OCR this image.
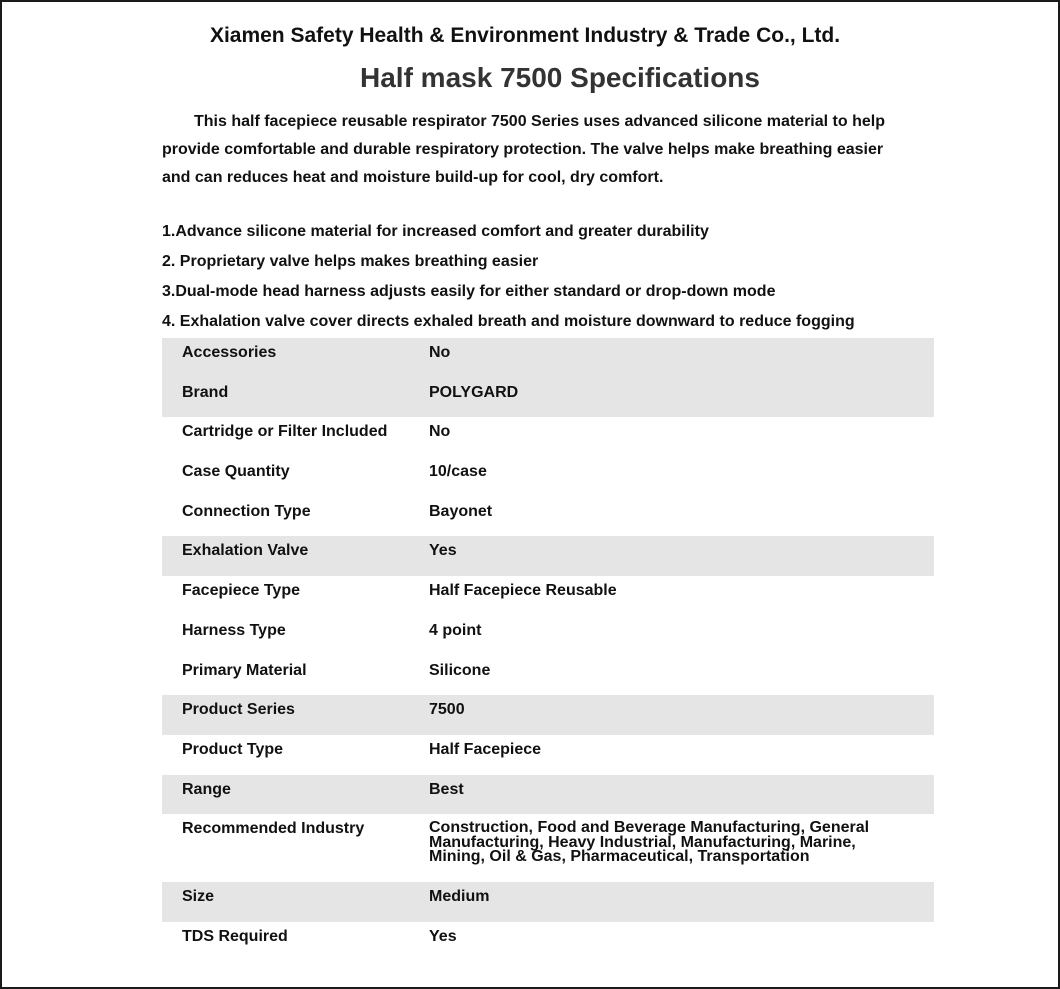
Xiamen Safety Health & Environment Industry & Trade Co., Ltd.
Half mask 7500 Specifications
This half facepiece reusable respirator 7500 Series uses advanced silicone material to help
provide comfortable and durable respiratory protection. The valve helps make breathing easier
and can reduces heat and moisture build-up for cool, dry comfort.
1.Advance silicone material for increased comfort and greater durability
2. Proprietary valve helps makes breathing easier
3.Dual-mode head harness adjusts easily for either standard or drop-down mode
4. Exhalation valve cover directs exhaled breath and moisture downward to reduce fogging
Accessories	No
Brand	POLYGARD
Cartridge or Filter Included	No
Case Quantity	10/case
Connection Type	Bayonet
Exhalation Valve	Yes
Facepiece Type	Half Facepiece Reusable
Harness Type	4 point
Primary Material	Silicone
Product Series	7500
Product Type	Half Facepiece
Range	Best
Recommended Industry	Construction, Food and Beverage Manufacturing, General
Manufacturing, Heavy Industrial, Manufacturing, Marine,
Mining, Oil & Gas, Pharmaceutical, Transportation
Size	Medium
TDS Required	Yes
